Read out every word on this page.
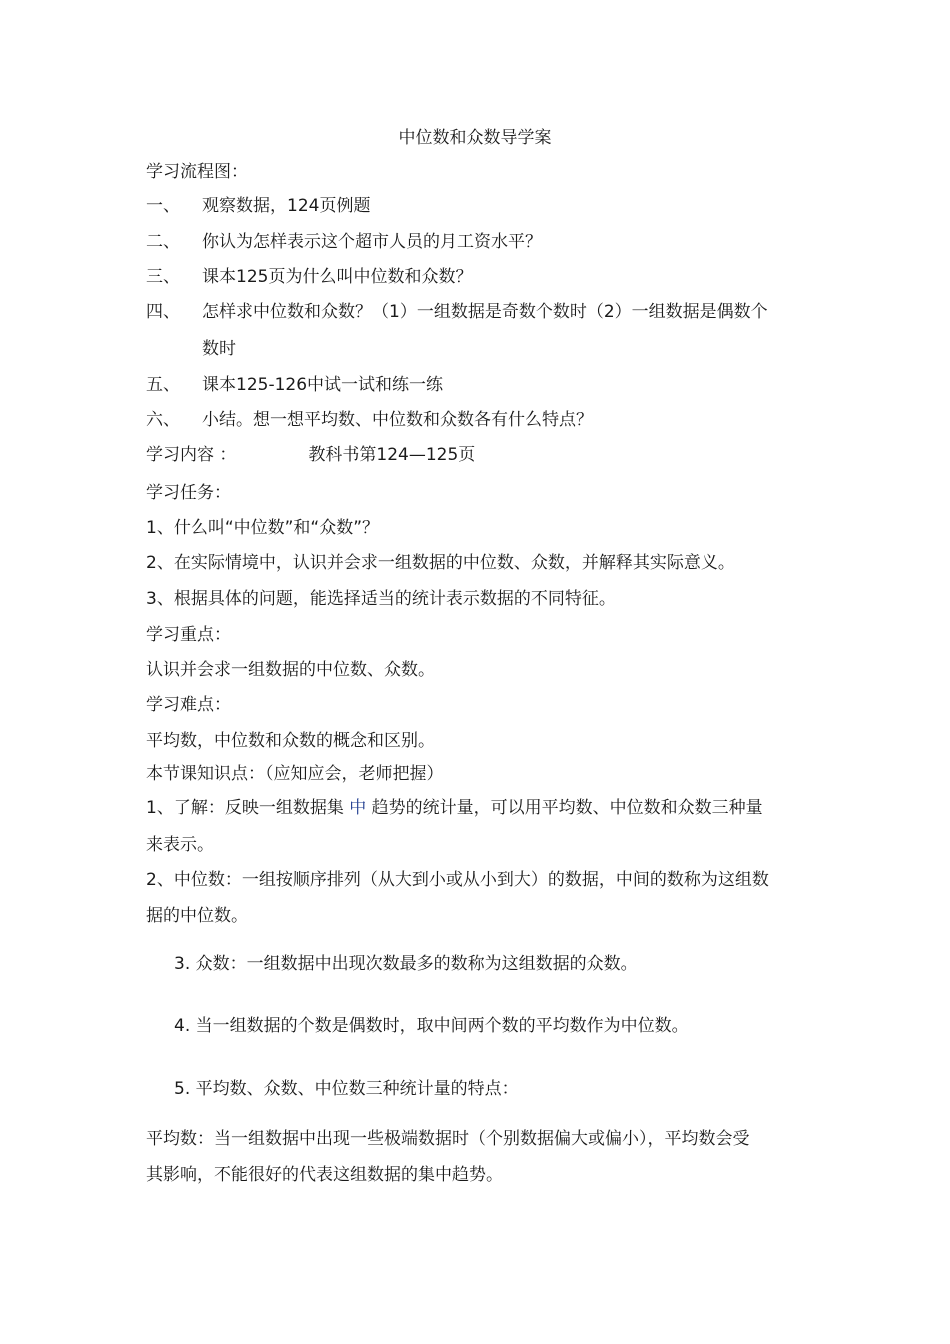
中位数和众数导学案
学习流程图：
一、 观察数据，124页例题
二、 你认为怎样表示这个超市人员的月工资水平？
三、 课本125页为什么叫中位数和众数？
四、 怎样求中位数和众数？（1）一组数据是奇数个数时（2）一组数据是偶数个
数时
五、 课本125-126中试一试和练一练
六、 小结。想一想平均数、中位数和众数各有什么特点？
学习内容 ：	教科书第124—125页
学习任务：
1、什么叫“中位数”和“众数”？
2、在实际情境中，认识并会求一组数据的中位数、众数，并解释其实际意义。
3、根据具体的问题，能选择适当的统计表示数据的不同特征。
学习重点：
认识并会求一组数据的中位数、众数。
学习难点：
平均数，中位数和众数的概念和区别。
本节课知识点：（应知应会，老师把握）
1、了解：反映一组数据集 中 趋势的统计量，可以用平均数、中位数和众数三种量
来表示。
2、中位数：一组按顺序排列（从大到小或从小到大）的数据，中间的数称为这组数
据的中位数。
3. 众数：一组数据中出现次数最多的数称为这组数据的众数。
4. 当一组数据的个数是偶数时，取中间两个数的平均数作为中位数。
5. 平均数、众数、中位数三种统计量的特点：
平均数：当一组数据中出现一些极端数据时（个别数据偏大或偏小），平均数会受
其影响，不能很好的代表这组数据的集中趋势。
